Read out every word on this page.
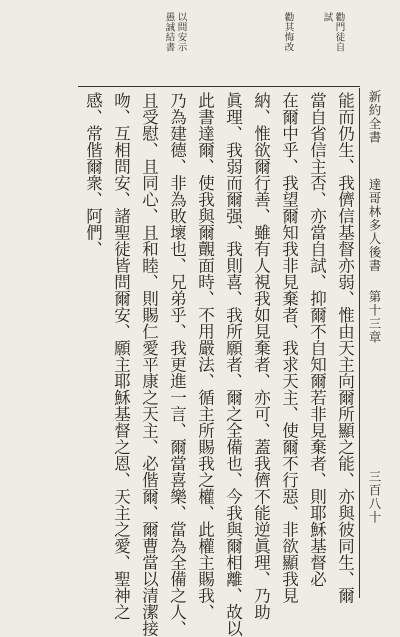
新約全書
達哥林多人後書
第十三章
三百八十
以問安示
愚誠結書	勸門徒自
試
勸其悔改
能而仍生、我儕信基督亦弱、惟由天主向爾所顯之能、亦與彼同生、爾
當自省信主否、亦當自試、抑爾不自知爾若非見棄者、則耶穌基督必
在爾中乎、我望爾知我非見棄者、我求天主、使爾不行惡、非欲顯我見
納、惟欲爾行善、雖有人視我如見棄者、亦可、蓋我儕不能逆眞理、乃助
眞理、我弱而爾强、我則喜、我所願者、爾之全備也、今我與爾相離、故以
此書達爾、使我與爾覿面時、不用嚴法、循主所賜我之權、此權主賜我、
乃為建德、非為敗壞也、兄弟乎、我更進一言、爾當喜樂、當為全備之人、
且受慰、且同心、且和睦、則賜仁愛平康之天主、必偕爾、爾曹當以清潔接
吻、互相問安、諸聖徒皆問爾安、願主耶穌基督之恩、天主之愛、聖神之
感、常偕爾衆、阿們、
